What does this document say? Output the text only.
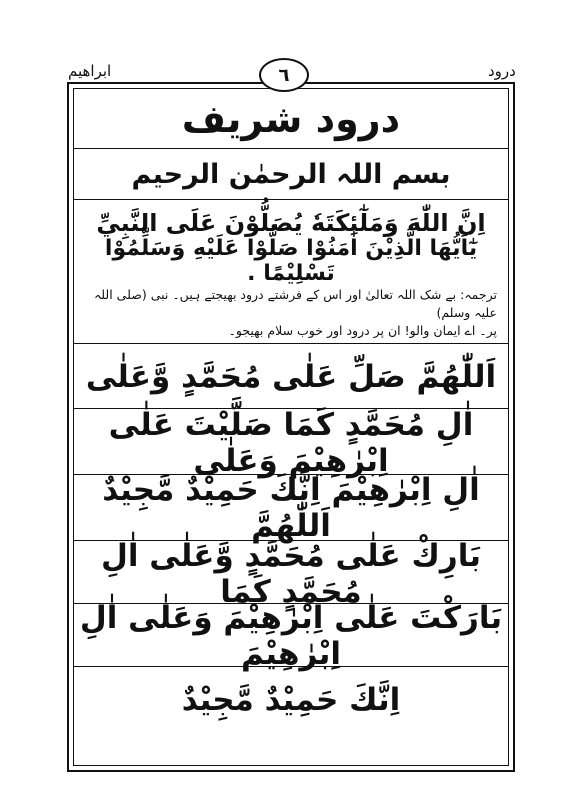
درود
ابراھیم	٦
درود شریف
بسم اللہ الرحمٰن الرحیم
اِنَّ اللّٰهَ وَمَلٰٓئِكَتَهٗ يُصَلُّوْنَ عَلَى النَّبِيِّ
يٰٓاَيُّهَا الَّذِيْنَ اٰمَنُوْا صَلُّوْا عَلَيْهِ وَسَلِّمُوْا تَسْلِيْمًا .
ترجمہ: بے شک اللہ تعالیٰ اور اس کے فرشتے درود بھیجتے ہیں۔ نبی (صلی اللہ علیہ وسلم)
پر۔ اے ایمان والو! ان پر درود اور خوب سلام بھیجو۔
اَللّٰهُمَّ صَلِّ عَلٰى مُحَمَّدٍ وَّعَلٰى
اٰلِ مُحَمَّدٍ كَمَا صَلَّيْتَ عَلٰى اِبْرٰهِيْمَ وَعَلٰى
اٰلِ اِبْرٰهِيْمَ اِنَّكَ حَمِيْدٌ مَّجِيْدٌ اَللّٰهُمَّ
بَارِكْ عَلٰى مُحَمَّدٍ وَّعَلٰى اٰلِ مُحَمَّدٍ كَمَا
بَارَكْتَ عَلٰى اِبْرٰهِيْمَ وَعَلٰى اٰلِ اِبْرٰهِيْمَ
اِنَّكَ حَمِيْدٌ مَّجِيْدٌ
